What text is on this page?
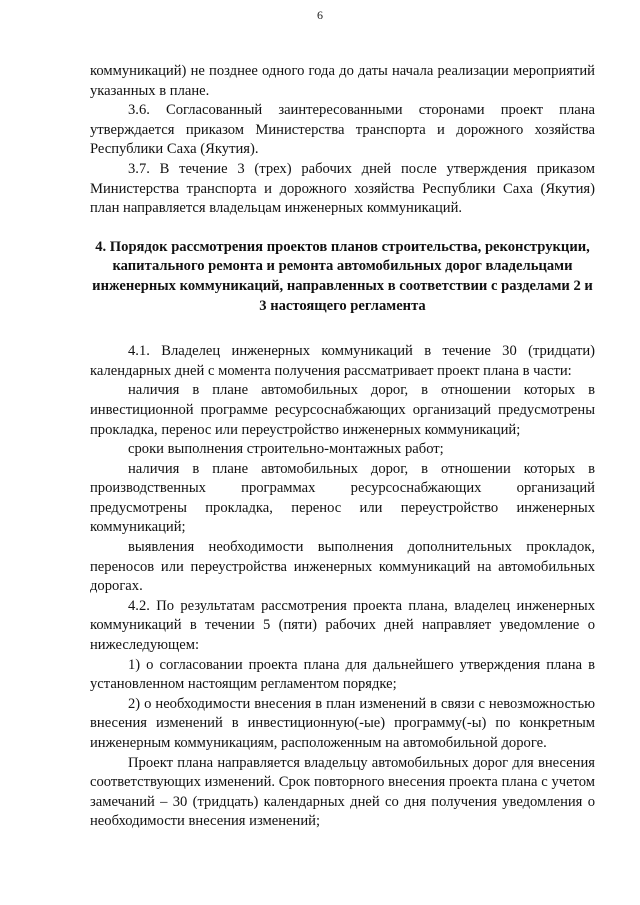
6

коммуникаций) не позднее одного года до даты начала реализации мероприятий указанных в плане.

3.6. Согласованный заинтересованными сторонами проект плана утверждается приказом Министерства транспорта и дорожного хозяйства Республики Саха (Якутия).

3.7. В течение 3 (трех) рабочих дней после утверждения приказом Министерства транспорта и дорожного хозяйства Республики Саха (Якутия) план направляется владельцам инженерных коммуникаций.

4. Порядок рассмотрения проектов планов строительства, реконструкции, капитального ремонта и ремонта автомобильных дорог владельцами инженерных коммуникаций, направленных в соответствии с разделами 2 и 3 настоящего регламента

4.1. Владелец инженерных коммуникаций в течение 30 (тридцати) календарных дней с момента получения рассматривает проект плана в части:

наличия в плане автомобильных дорог, в отношении которых в инвестиционной программе ресурсоснабжающих организаций предусмотрены прокладка, перенос или переустройство инженерных коммуникаций;

сроки выполнения строительно-монтажных работ;

наличия в плане автомобильных дорог, в отношении которых в производственных программах ресурсоснабжающих организаций предусмотрены прокладка, перенос или переустройство инженерных коммуникаций;

выявления необходимости выполнения дополнительных прокладок, переносов или переустройства инженерных коммуникаций на автомобильных дорогах.

4.2. По результатам рассмотрения проекта плана, владелец инженерных коммуникаций в течении 5 (пяти) рабочих дней направляет уведомление о нижеследующем:

1) о согласовании проекта плана для дальнейшего утверждения плана в установленном настоящим регламентом порядке;

2) о необходимости внесения в план изменений в связи с невозможностью внесения изменений в инвестиционную(-ые) программу(-ы) по конкретным инженерным коммуникациям, расположенным на автомобильной дороге.

Проект плана направляется владельцу автомобильных дорог для внесения соответствующих изменений. Срок повторного внесения проекта плана с учетом замечаний – 30 (тридцать) календарных дней со дня получения уведомления о необходимости внесения изменений;
